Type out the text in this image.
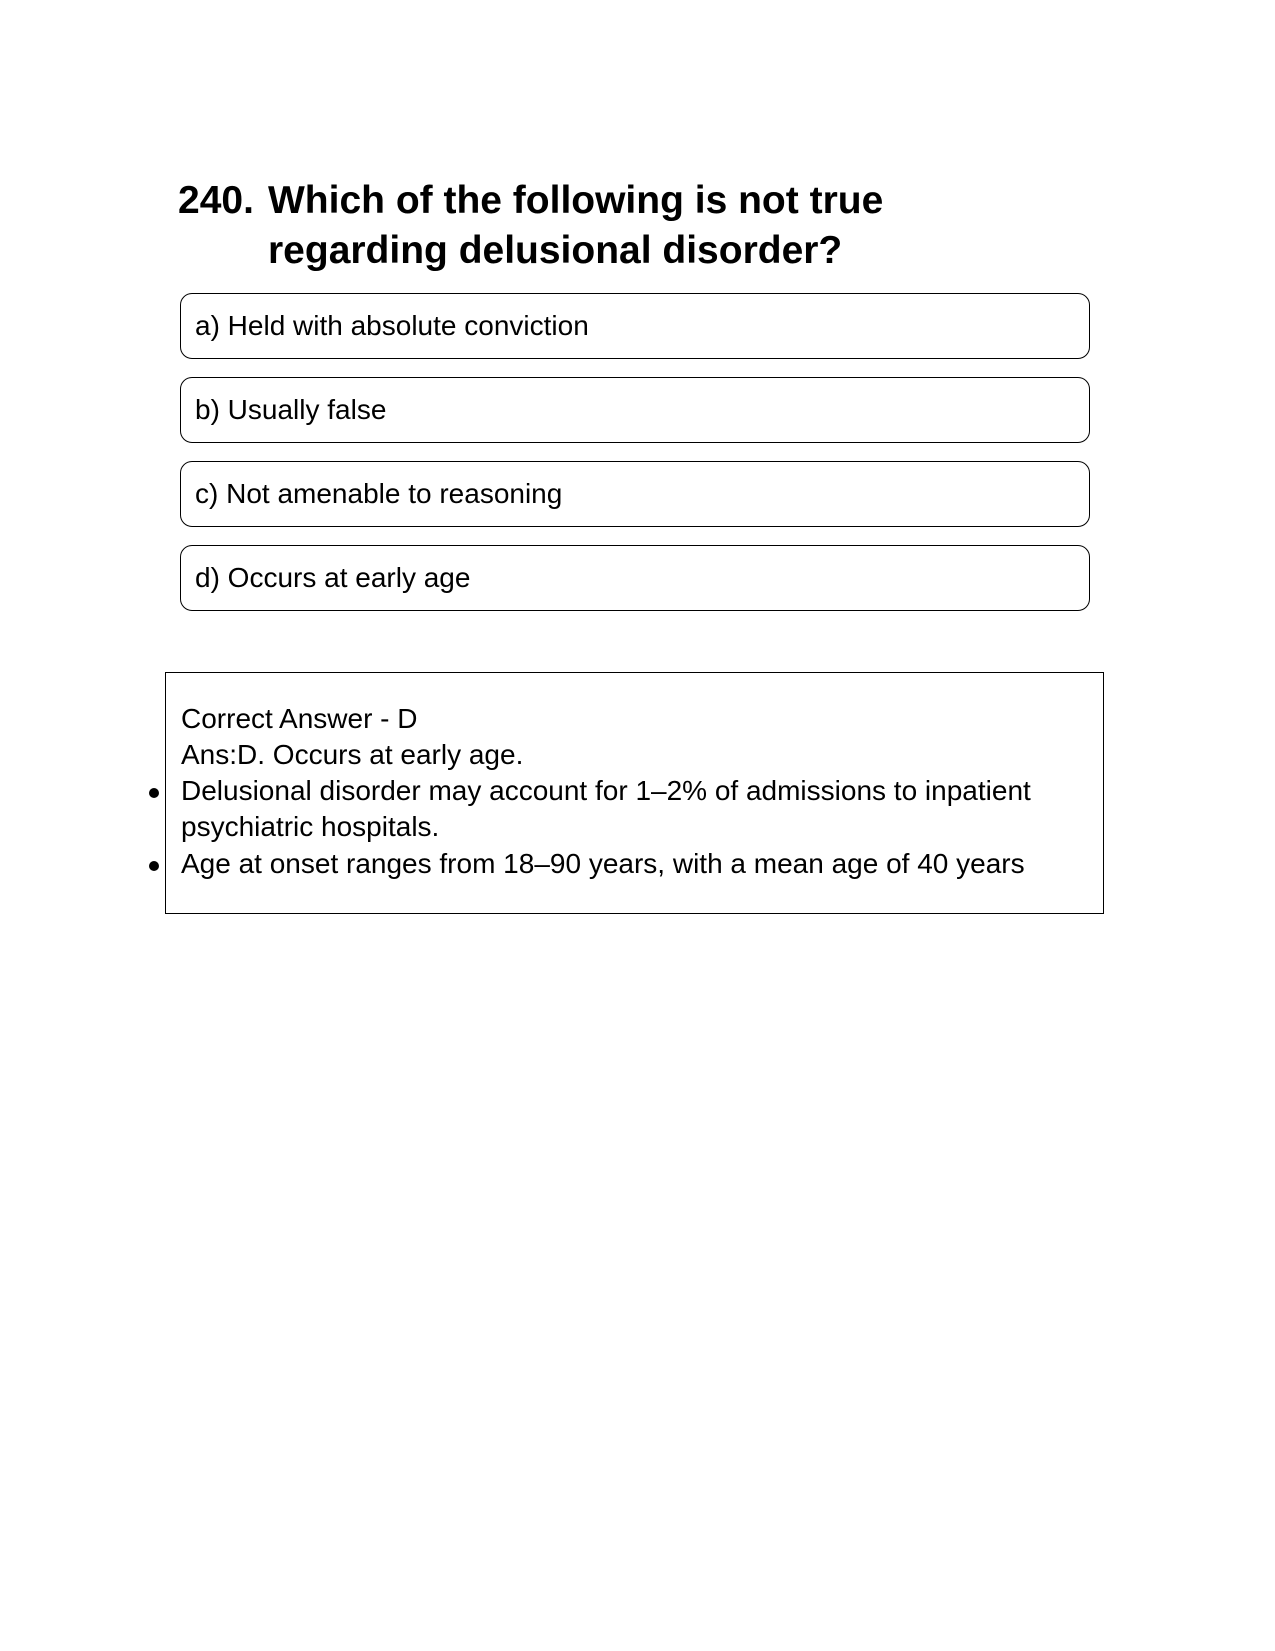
240. Which of the following is not true
regarding delusional disorder?
a) Held with absolute conviction
b) Usually false
c) Not amenable to reasoning
d) Occurs at early age
Correct Answer - D
Ans:D. Occurs at early age.
Delusional disorder may account for 1–2% of admissions to inpatient
psychiatric hospitals.
Age at onset ranges from 18–90 years, with a mean age of 40 years
